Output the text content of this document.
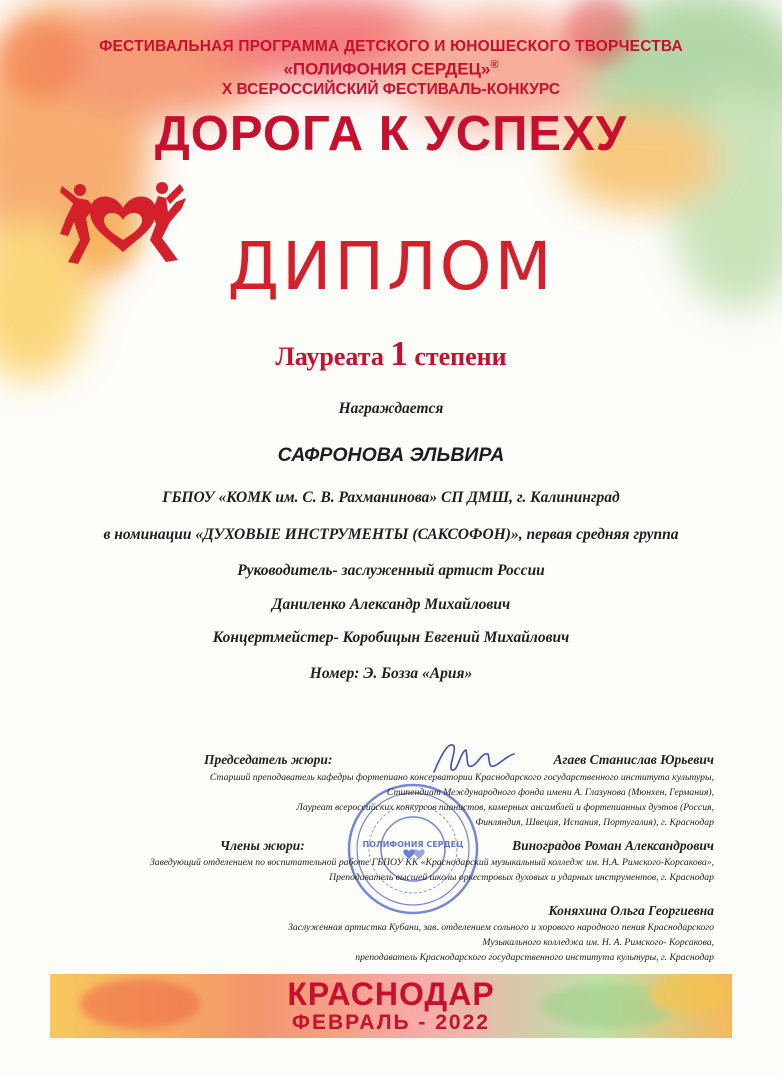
ФЕСТИВАЛЬНАЯ ПРОГРАММА ДЕТСКОГО И ЮНОШЕСКОГО ТВОРЧЕСТВА
«ПОЛИФОНИЯ СЕРДЕЦ»®
X ВСЕРОССИЙСКИЙ ФЕСТИВАЛЬ-КОНКУРС
ДОРОГА К УСПЕХУ
ДИПЛОМ
Лауреата 1 степени
Награждается
САФРОНОВА ЭЛЬВИРА
ГБПОУ «КОМК им. С. В. Рахманинова» СП ДМШ, г. Калининград
в номинации «ДУХОВЫЕ ИНСТРУМЕНТЫ (САКСОФОН)», первая средняя группа
Руководитель- заслуженный артист России
Даниленко Александр Михайлович
Концертмейстер- Коробицын Евгений Михайлович
Номер: Э. Бозза «Ария»
ПОЛИФОНИЯ СЕРДЕЦ
Председатель жюри:	Агаев Станислав Юрьевич
Старший преподаватель кафедры фортепиано консерватории Краснодарского государственного института культуры,
Стипендиат Международного фонда имени А. Глазунова (Мюнхен, Германия),
Лауреат всероссийских конкурсов пианистов, камерных ансамблей и фортепианных дуэтов (Россия,
Финляндия, Швеция, Испания, Португалия), г. Краснодар
Члены жюри:	Виноградов Роман Александрович
Заведующий отделением по воспитательной работе ГБПОУ КК «Краснодарский музыкальный колледж им. Н.А. Римского-Корсакова»,
Преподаватель высшей школы оркестровых духовых и ударных инструментов, г. Краснодар
Коняхина Ольга Георгиевна
Заслуженная артистка Кубани, зав. отделением сольного и хорового народного пения Краснодарского
Музыкального колледжа им. Н. А. Римского- Корсакова,
преподаватель Краснодарского государственного института культуры, г. Краснодар
КРАСНОДАР
ФЕВРАЛЬ - 2022
